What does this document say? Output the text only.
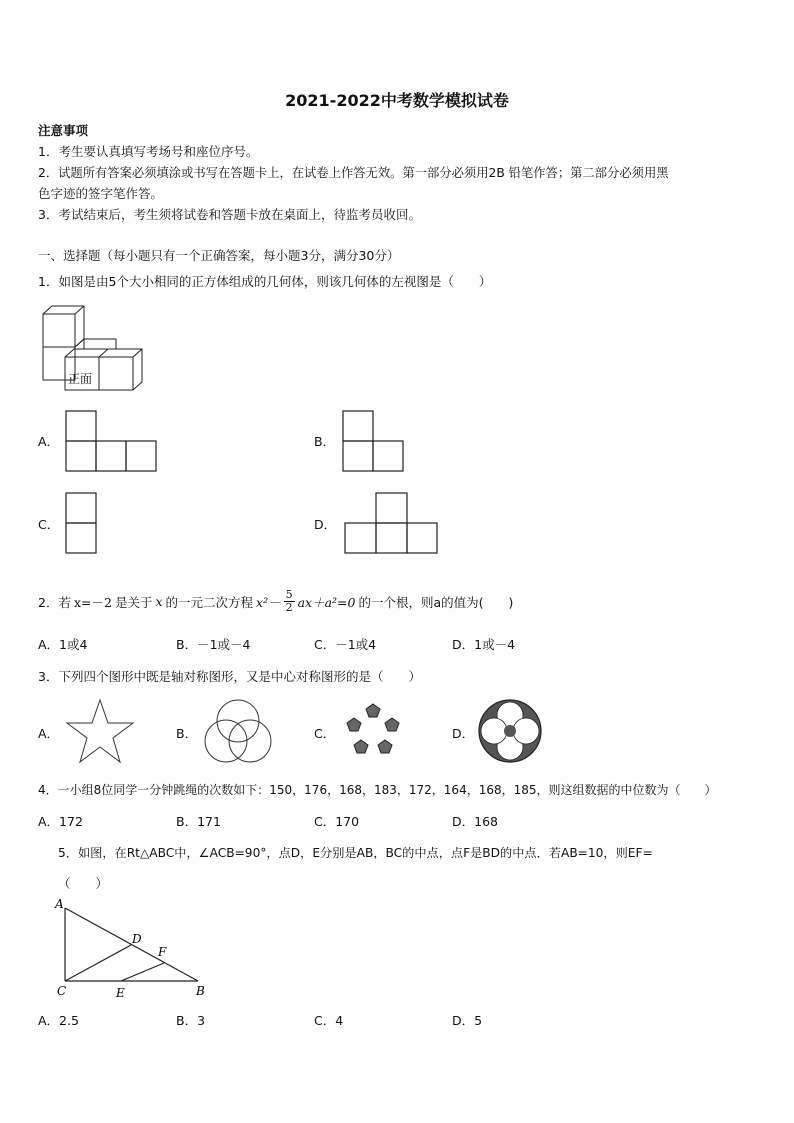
2021-2022中考数学模拟试卷
注意事项
1．考生要认真填写考场号和座位序号。
2．试题所有答案必须填涂或书写在答题卡上，在试卷上作答无效。第一部分必须用2B 铅笔作答；第二部分必须用黑
色字迹的签字笔作答。
3．考试结束后，考生须将试卷和答题卡放在桌面上，待监考员收回。
一、选择题（每小题只有一个正确答案，每小题3分，满分30分）
1．如图是由5个大小相同的正方体组成的几何体，则该几何体的左视图是（　　）
正面
A．	B．
C．	D．
2．若 x=－2 是关于 x 的一元二次方程 $x^2- \frac{5}{2} ax+a^2=0$ 的一个根，则a的值为(　　)
A．1或4	B．－1或－4	C．－1或4	D．1或－4
3．下列四个图形中既是轴对称图形，又是中心对称图形的是（　　）
A．	B．	C．	D．
4．一小组8位同学一分钟跳绳的次数如下：150，176，168，183，172，164，168，185，则这组数据的中位数为（　　）
A．172	B．171	C．170	D．168
5．如图，在Rt△ABC中，∠ACB=90°，点D，E分别是AB，BC的中点，点F是BD的中点．若AB=10，则EF=
（　　）
A
D
F
C	E	B
A．2.5	B．3	C．4	D．5
